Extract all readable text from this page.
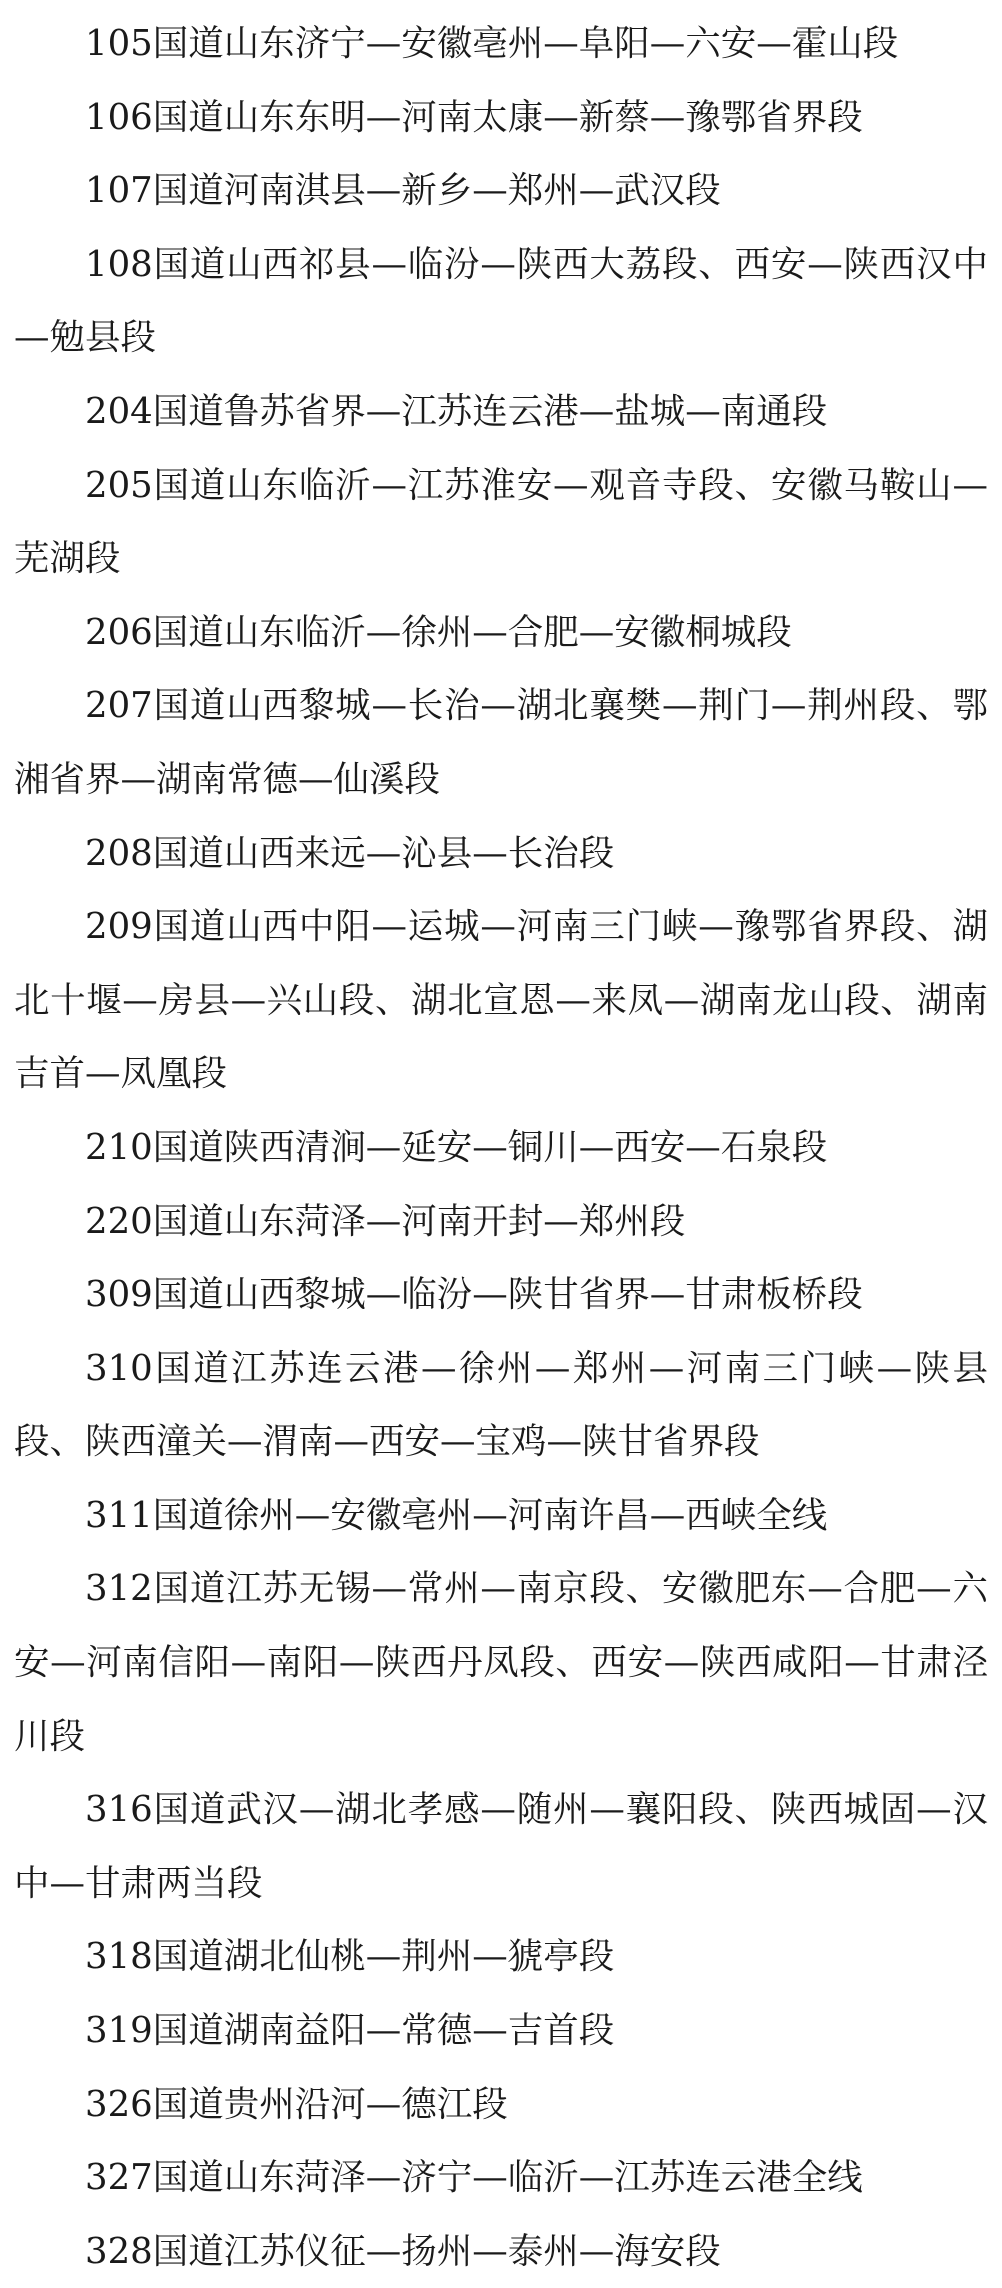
105国道山东济宁—安徽亳州—阜阳—六安—霍山段

106国道山东东明—河南太康—新蔡—豫鄂省界段

107国道河南淇县—新乡—郑州—武汉段

108国道山西祁县—临汾—陕西大荔段、西安—陕西汉中—勉县段

204国道鲁苏省界—江苏连云港—盐城—南通段

205国道山东临沂—江苏淮安—观音寺段、安徽马鞍山—芜湖段

206国道山东临沂—徐州—合肥—安徽桐城段

207国道山西黎城—长治—湖北襄樊—荆门—荆州段、鄂湘省界—湖南常德—仙溪段

208国道山西来远—沁县—长治段

209国道山西中阳—运城—河南三门峡—豫鄂省界段、湖北十堰—房县—兴山段、湖北宣恩—来凤—湖南龙山段、湖南吉首—凤凰段

210国道陕西清涧—延安—铜川—西安—石泉段

220国道山东菏泽—河南开封—郑州段

309国道山西黎城—临汾—陕甘省界—甘肃板桥段

310国道江苏连云港—徐州—郑州—河南三门峡—陕县段、陕西潼关—渭南—西安—宝鸡—陕甘省界段

311国道徐州—安徽亳州—河南许昌—西峡全线

312国道江苏无锡—常州—南京段、安徽肥东—合肥—六安—河南信阳—南阳—陕西丹凤段、西安—陕西咸阳—甘肃泾川段

316国道武汉—湖北孝感—随州—襄阳段、陕西城固—汉中—甘肃两当段

318国道湖北仙桃—荆州—猇亭段

319国道湖南益阳—常德—吉首段

326国道贵州沿河—德江段

327国道山东菏泽—济宁—临沂—江苏连云港全线

328国道江苏仪征—扬州—泰州—海安段
